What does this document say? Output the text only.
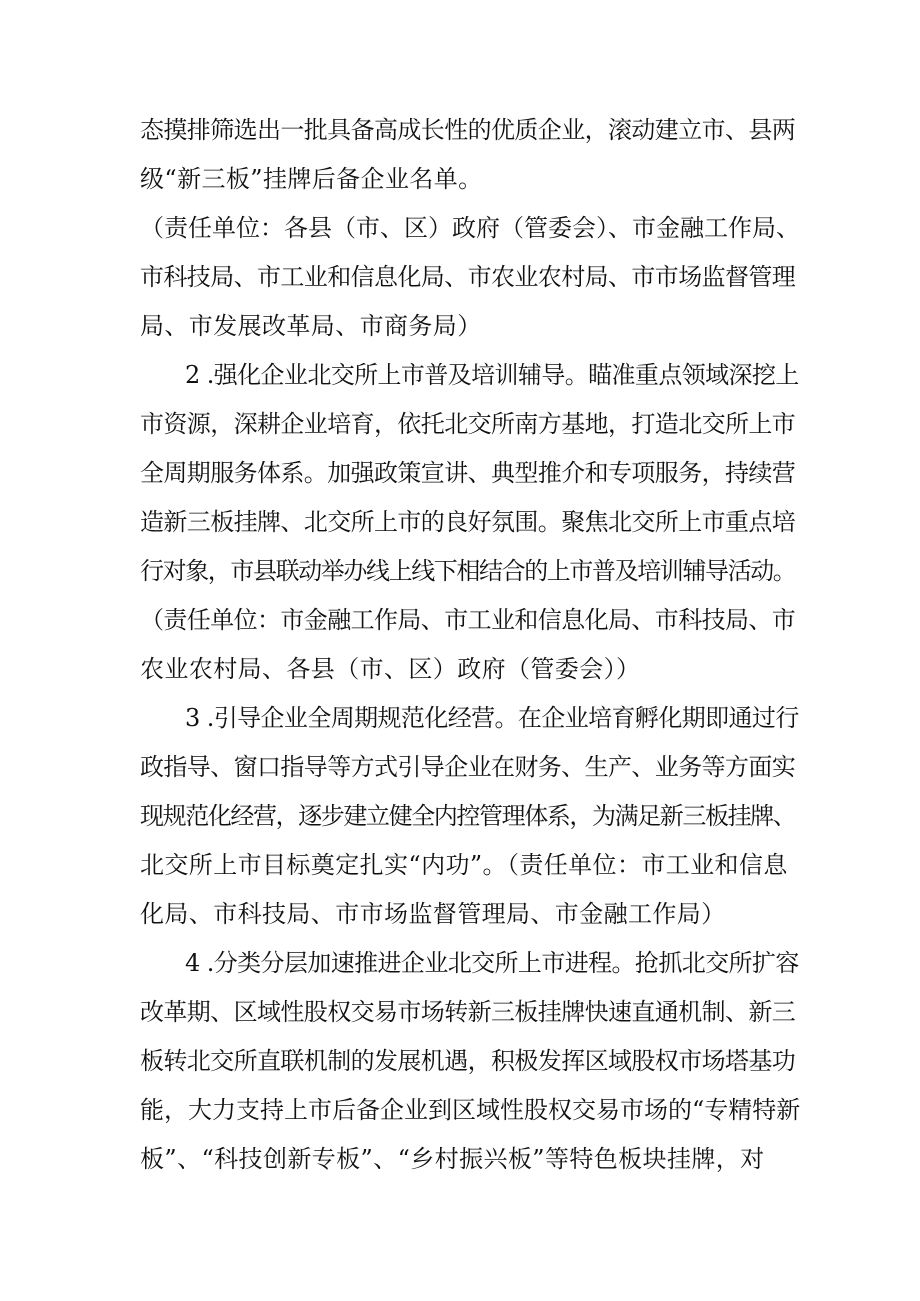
态摸排筛选出一批具备高成长性的优质企业，滚动建立市、县两
级“新三板”挂牌后备企业名单。
（责任单位：各县（市、区）政府（管委会）、市金融工作局、
市科技局、市工业和信息化局、市农业农村局、市市场监督管理
局、市发展改革局、市商务局）
2 .强化企业北交所上市普及培训辅导。瞄准重点领域深挖上
市资源，深耕企业培育，依托北交所南方基地，打造北交所上市
全周期服务体系。加强政策宣讲、典型推介和专项服务，持续营
造新三板挂牌、北交所上市的良好氛围。聚焦北交所上市重点培
行对象，市县联动举办线上线下相结合的上市普及培训辅导活动。
（责任单位：市金融工作局、市工业和信息化局、市科技局、市
农业农村局、各县（市、区）政府（管委会））
3 .引导企业全周期规范化经营。在企业培育孵化期即通过行
政指导、窗口指导等方式引导企业在财务、生产、业务等方面实
现规范化经营，逐步建立健全内控管理体系，为满足新三板挂牌、
北交所上市目标奠定扎实“内功”。（责任单位：市工业和信息
化局、市科技局、市市场监督管理局、市金融工作局）
4 .分类分层加速推进企业北交所上市进程。抢抓北交所扩容
改革期、区域性股权交易市场转新三板挂牌快速直通机制、新三
板转北交所直联机制的发展机遇，积极发挥区域股权市场塔基功
能，大力支持上市后备企业到区域性股权交易市场的“专精特新
板”、“科技创新专板”、“乡村振兴板”等特色板块挂牌，对
